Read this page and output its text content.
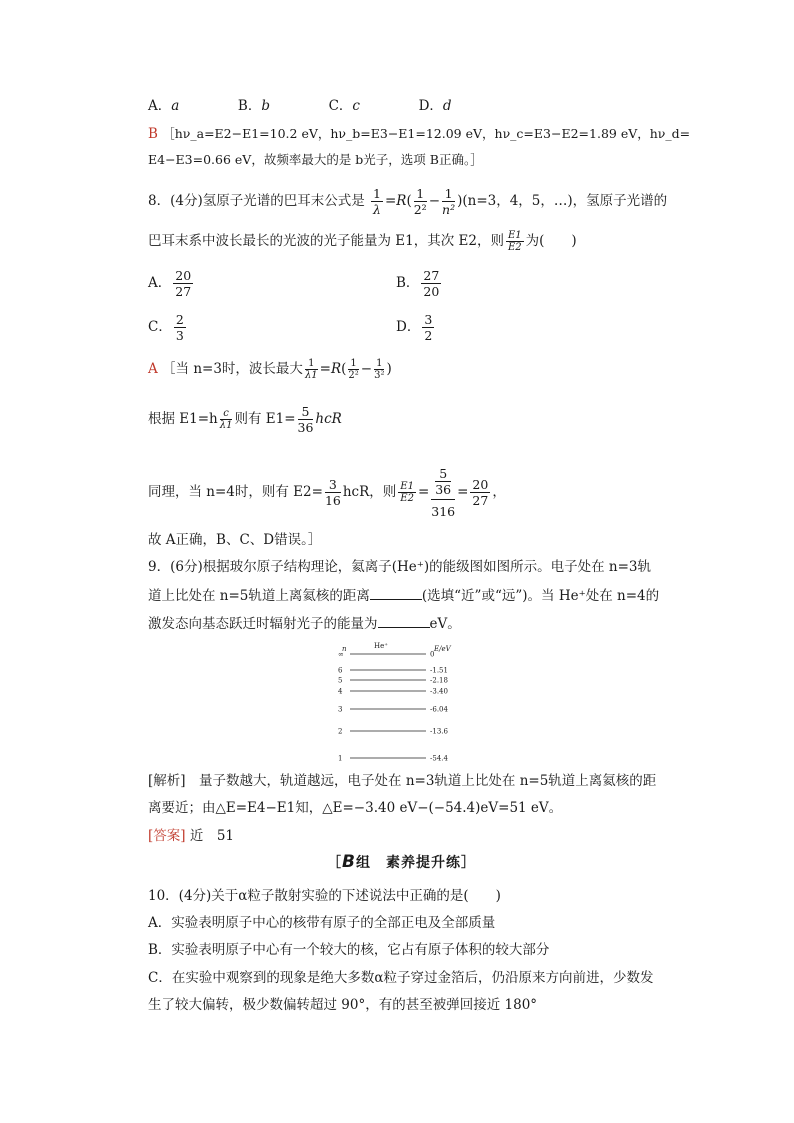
A．a	B．b	C．c	D．d
B ［hν_a=E2−E1=10.2 eV，hν_b=E3−E1=12.09 eV，hν_c=E3−E2=1.89 eV，hν_d=
E4−E3=0.66 eV，故频率最大的是 b光子，选项 B正确。］
8．(4分)氢原子光谱的巴耳末公式是 $\frac{1}{\lambda} =R( \frac{1}{\text{2²}} - \frac{1}{\text{n²}} )(n=3$，4，5，…)，氢原子光谱的
巴耳末系中波长最长的光波的光子能量为 E1，其次 E2，则 $\frac{E1}{E2}$ 为(　　)
A． $\frac{20}{27}$	B． $\frac{27}{20}$
C． $\frac{2}{3}$	D． $\frac{3}{2}$
A ［当 n=3时，波长最大 $\frac{1}{\lambda 1} =R( \frac{1}{\text{2²}} - \frac{1}{\text{3²}}$ )
根据 $E1=h \frac{c}{\lambda 1}$ 则有 $E1= \frac{5}{36}$ hcR
同理，当 n=4时，则有 $E2= \frac{3}{16}$ hcR，则 $\frac{E1}{E2} = \frac{\frac{5}{36}}{316} = \frac{20}{27}$ ，
故 A正确，B、C、D错误。］
9．(6分)根据玻尔原子结构理论，氦离子(He⁺)的能级图如图所示。电子处在 n=3轨
道上比处在 n=5轨道上离氦核的距离	(选填“近”或“远”)。当 He⁺处在 n=4的
激发态向基态跃迁时辐射光子的能量为	eV。
n	He⁺	E/eV
∞	0
6	-1.51
5	-2.18
4	-3.40
3	-6.04
2	-13.6
1	-54.4
[解析]　量子数越大，轨道越远，电子处在 n=3轨道上比处在 n=5轨道上离氦核的距
离要近；由△E=E4−E1知，△E=−3.40 eV−(−54.4)eV=51 eV。
[答案] 近　51
［B组　素养提升练］
10．(4分)关于α粒子散射实验的下述说法中正确的是(　　)
A．实验表明原子中心的核带有原子的全部正电及全部质量
B．实验表明原子中心有一个较大的核，它占有原子体积的较大部分
C．在实验中观察到的现象是绝大多数α粒子穿过金箔后，仍沿原来方向前进，少数发
生了较大偏转，极少数偏转超过 90°，有的甚至被弹回接近 180°
